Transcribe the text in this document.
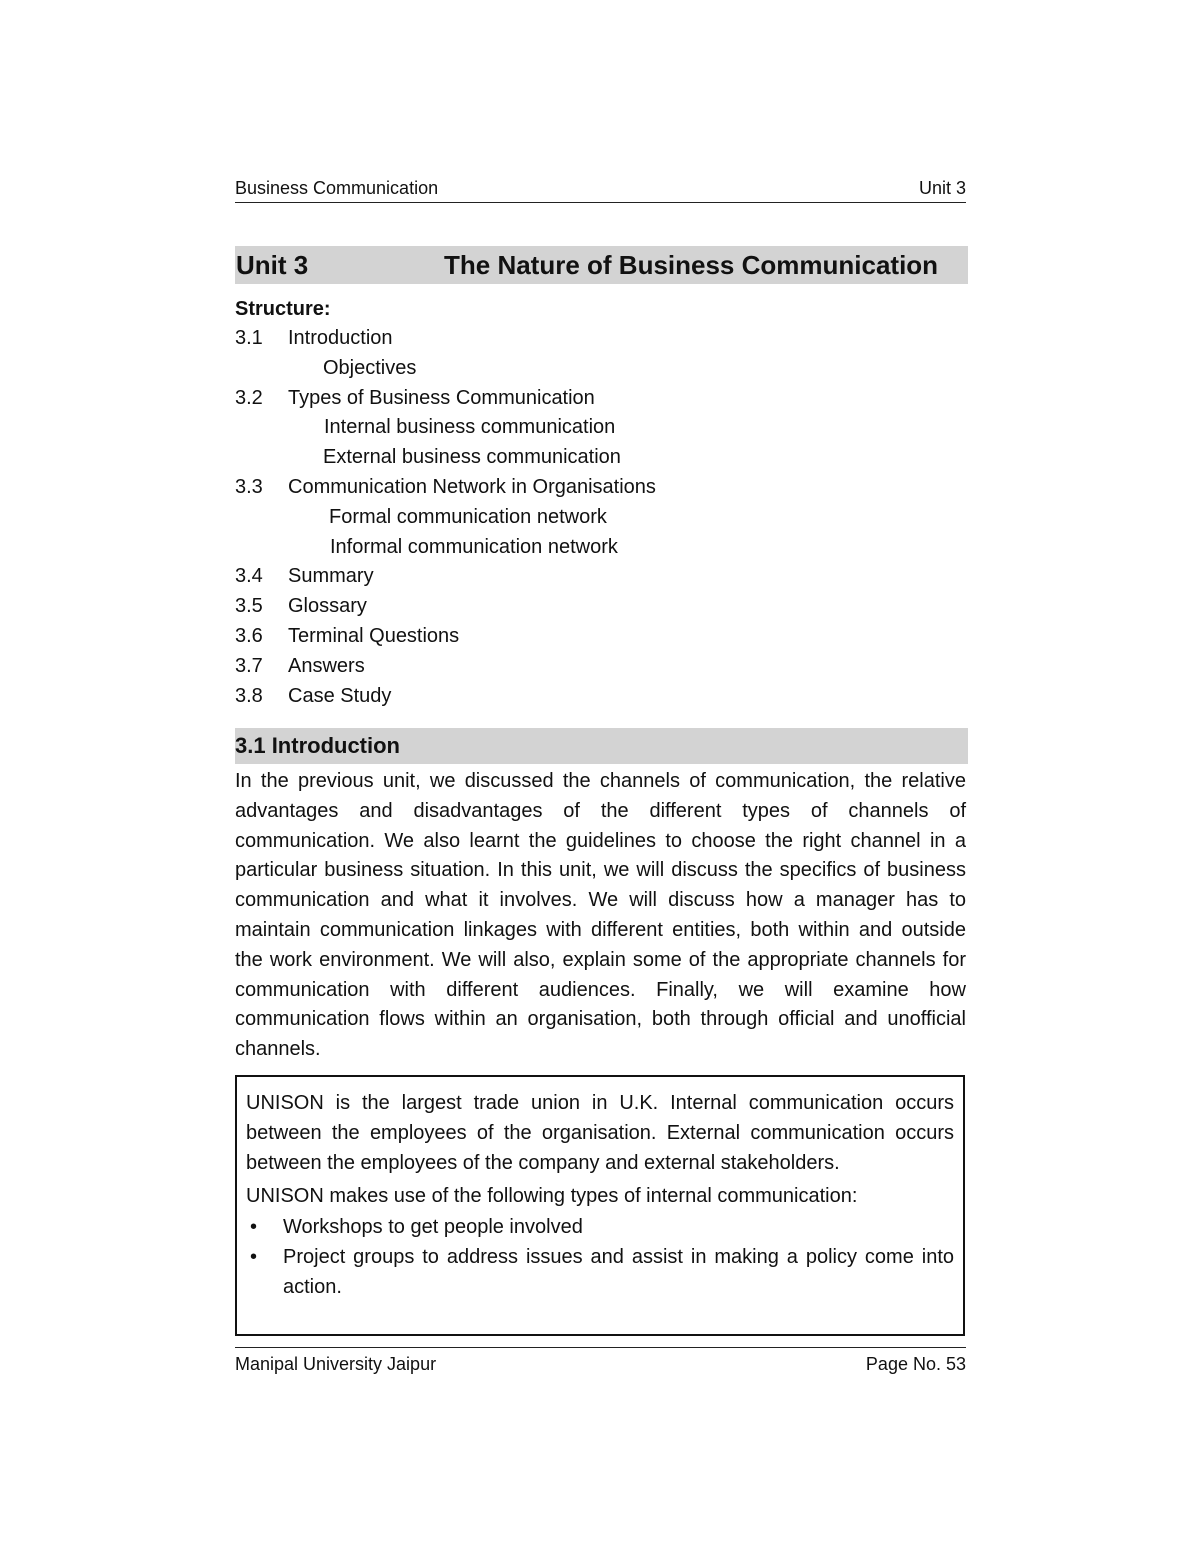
Business Communication	Unit 3
Unit 3	The Nature of Business Communication
Structure:
3.1 Introduction
Objectives
3.2 Types of Business Communication
Internal business communication
External business communication
3.3 Communication Network in Organisations
Formal communication network
Informal communication network
3.4 Summary
3.5 Glossary
3.6 Terminal Questions
3.7 Answers
3.8 Case Study
3.1 Introduction

In the previous unit, we discussed the channels of communication, the relative advantages and disadvantages of the different types of channels of communication. We also learnt the guidelines to choose the right channel in a particular business situation. In this unit, we will discuss the specifics of business communication and what it involves. We will discuss how a manager has to maintain communication linkages with different entities, both within and outside the work environment. We will also, explain some of the appropriate channels for communication with different audiences. Finally, we will examine how communication flows within an organisation, both through official and unofficial channels.

UNISON is the largest trade union in U.K. Internal communication occurs between the employees of the organisation. External communication occurs between the employees of the company and external stakeholders.

UNISON makes use of the following types of internal communication:

• Workshops to get people involved
• Project groups to address issues and assist in making a policy come into action.
Manipal University Jaipur	Page No. 53
